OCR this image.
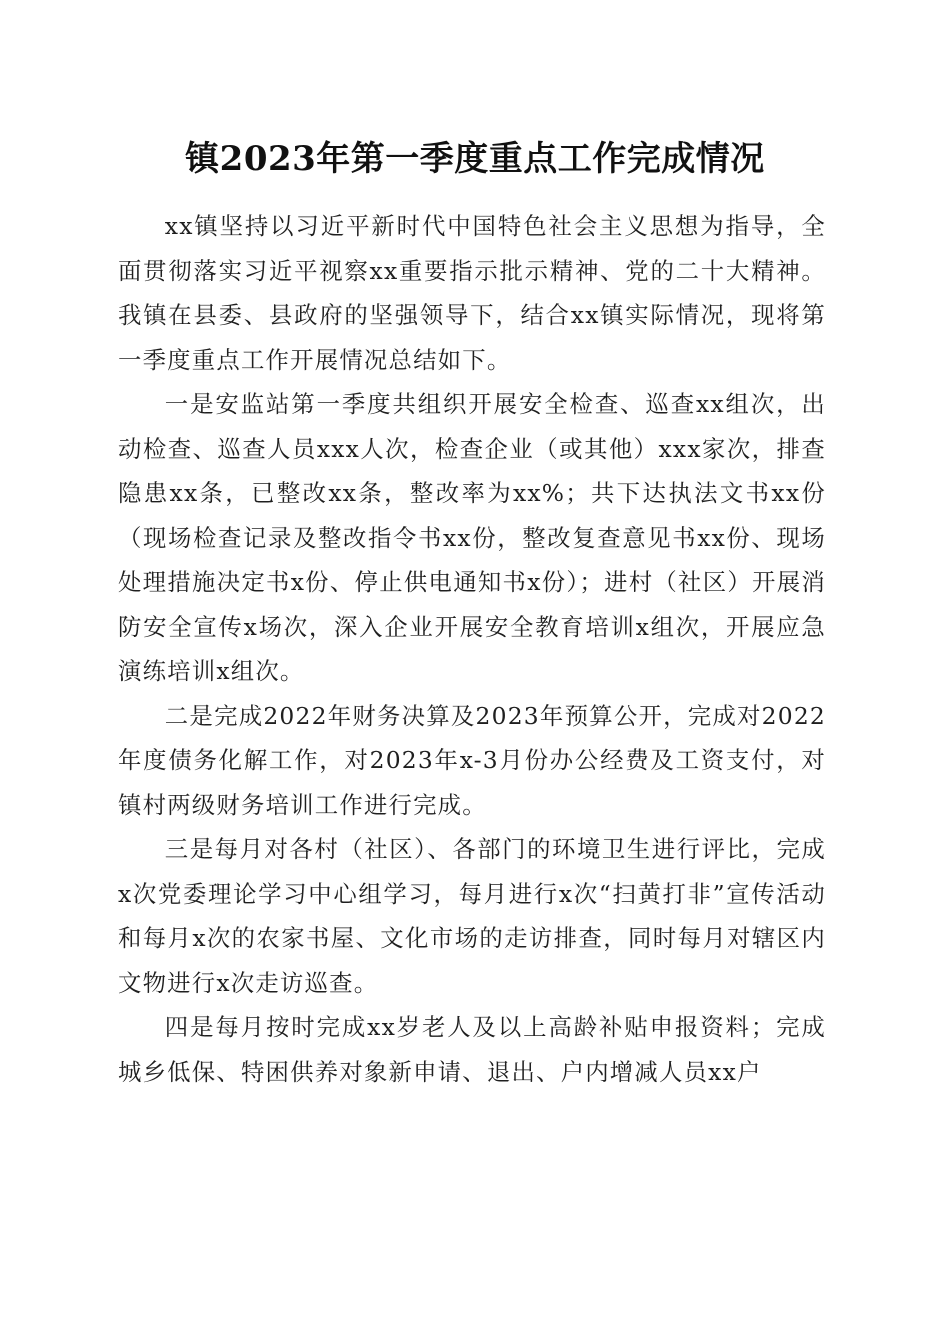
镇2023年第一季度重点工作完成情况

xx镇坚持以习近平新时代中国特色社会主义思想为指导，全面贯彻落实习近平视察xx重要指示批示精神、党的二十大精神。我镇在县委、县政府的坚强领导下，结合xx镇实际情况，现将第一季度重点工作开展情况总结如下。

一是安监站第一季度共组织开展安全检查、巡查xx组次，出动检查、巡查人员xxx人次，检查企业（或其他）xxx家次，排查隐患xx条，已整改xx条，整改率为xx%；共下达执法文书xx份（现场检查记录及整改指令书xx份，整改复查意见书xx份、现场处理措施决定书x份、停止供电通知书x份）；进村（社区）开展消防安全宣传x场次，深入企业开展安全教育培训x组次，开展应急演练培训x组次。

二是完成2022年财务决算及2023年预算公开，完成对2022年度债务化解工作，对2023年x-3月份办公经费及工资支付，对镇村两级财务培训工作进行完成。

三是每月对各村（社区）、各部门的环境卫生进行评比，完成x次党委理论学习中心组学习，每月进行x次“扫黄打非”宣传活动和每月x次的农家书屋、文化市场的走访排查，同时每月对辖区内文物进行x次走访巡查。

四是每月按时完成xx岁老人及以上高龄补贴申报资料；完成城乡低保、特困供养对象新申请、退出、户内增减人员xx户
